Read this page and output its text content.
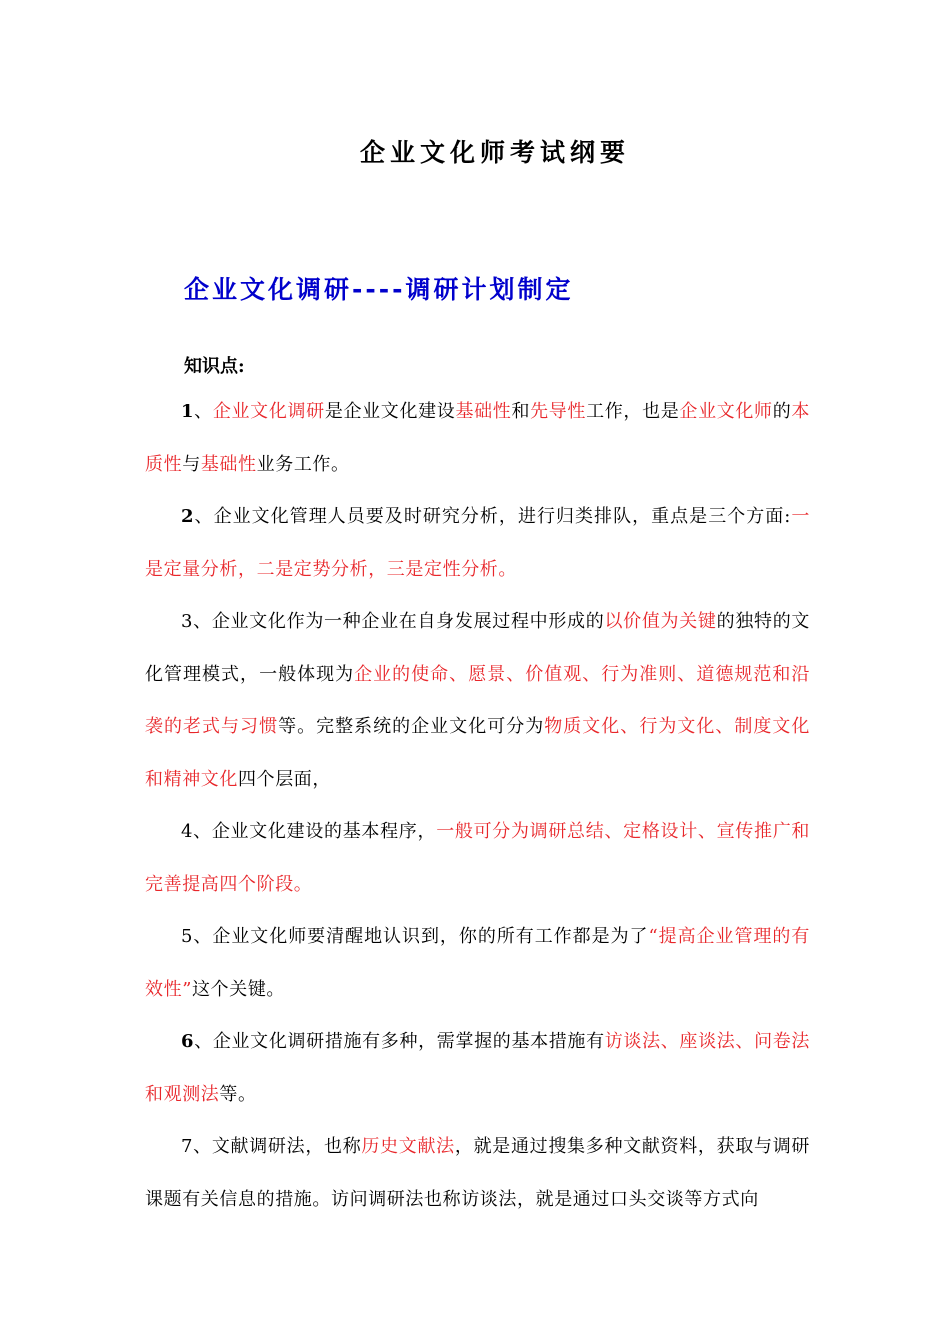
企业文化师考试纲要
企业文化调研----调研计划制定
知识点:

1、企业文化调研是企业文化建设基础性和先导性工作，也是企业文化师的本质性与基础性业务工作。

2、企业文化管理人员要及时研究分析，进行归类排队，重点是三个方面:一是定量分析，二是定势分析，三是定性分析。

3、企业文化作为一种企业在自身发展过程中形成的以价值为关键的独特的文化管理模式，一般体现为企业的使命、愿景、价值观、行为准则、道德规范和沿袭的老式与习惯等。完整系统的企业文化可分为物质文化、行为文化、制度文化和精神文化四个层面，

4、企业文化建设的基本程序，一般可分为调研总结、定格设计、宣传推广和完善提高四个阶段。

5、企业文化师要清醒地认识到，你的所有工作都是为了“提高企业管理的有效性”这个关键。

6、企业文化调研措施有多种，需掌握的基本措施有访谈法、座谈法、问卷法和观测法等。

7、文献调研法，也称历史文献法，就是通过搜集多种文献资料，获取与调研课题有关信息的措施。访问调研法也称访谈法，就是通过口头交谈等方式向
